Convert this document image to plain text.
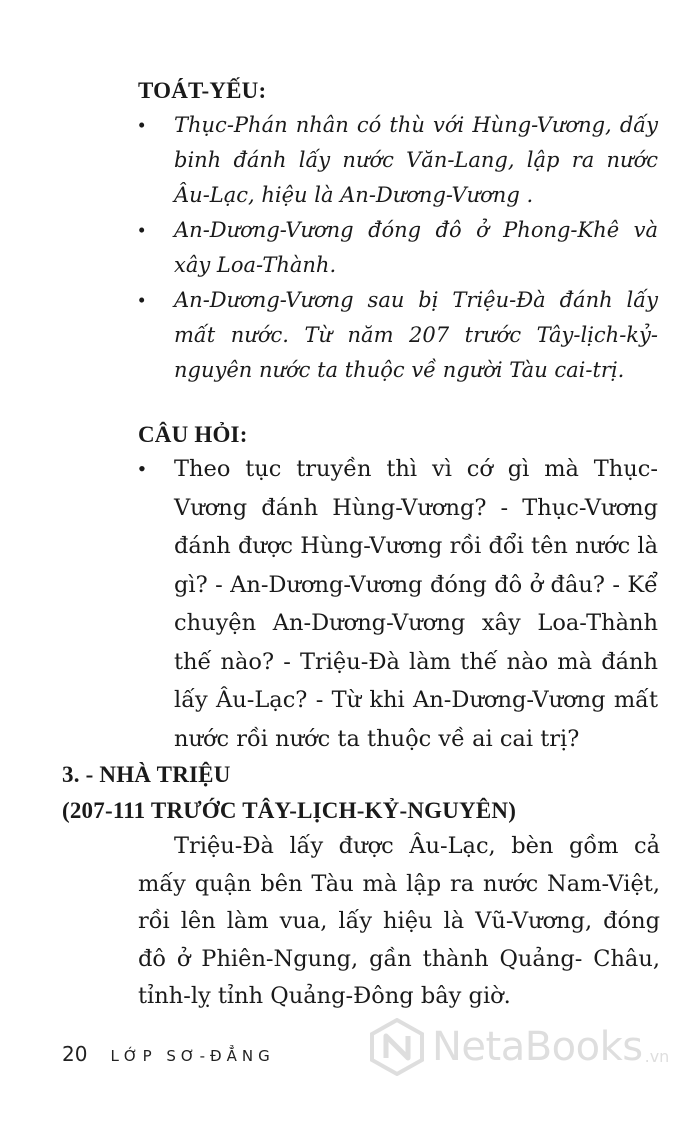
TOÁT-YẾU:
• Thục-Phán nhân có thù với Hùng-Vương, dấy binh đánh lấy nước Văn-Lang, lập ra nước Âu-Lạc, hiệu là An-Dương-Vương .
• An-Dương-Vương đóng đô ở Phong-Khê và xây Loa-Thành.
• An-Dương-Vương sau bị Triệu-Đà đánh lấy mất nước. Từ năm 207 trước Tây-lịch-kỷ-nguyên nước ta thuộc về người Tàu cai-trị.
CÂU HỎI:
• Theo tục truyền thì vì cớ gì mà Thục-Vương đánh Hùng-Vương? - Thục-Vương đánh được Hùng-Vương rồi đổi tên nước là gì? - An-Dương-Vương đóng đô ở đâu? - Kể chuyện An-Dương-Vương xây Loa-Thành thế nào? - Triệu-Đà làm thế nào mà đánh lấy Âu-Lạc? - Từ khi An-Dương-Vương mất nước rồi nước ta thuộc về ai cai trị?
3. - NHÀ TRIỆU
(207-111 TRƯỚC TÂY-LỊCH-KỶ-NGUYÊN)

Triệu-Đà lấy được Âu-Lạc, bèn gồm cả mấy quận bên Tàu mà lập ra nước Nam-Việt, rồi lên làm vua, lấy hiệu là Vũ-Vương, đóng đô ở Phiên-Ngung, gần thành Quảng- Châu, tỉnh-lỵ tỉnh Quảng-Đông bây giờ.

20 LỚP SƠ-ĐẲNG	NetaBooks .vn
